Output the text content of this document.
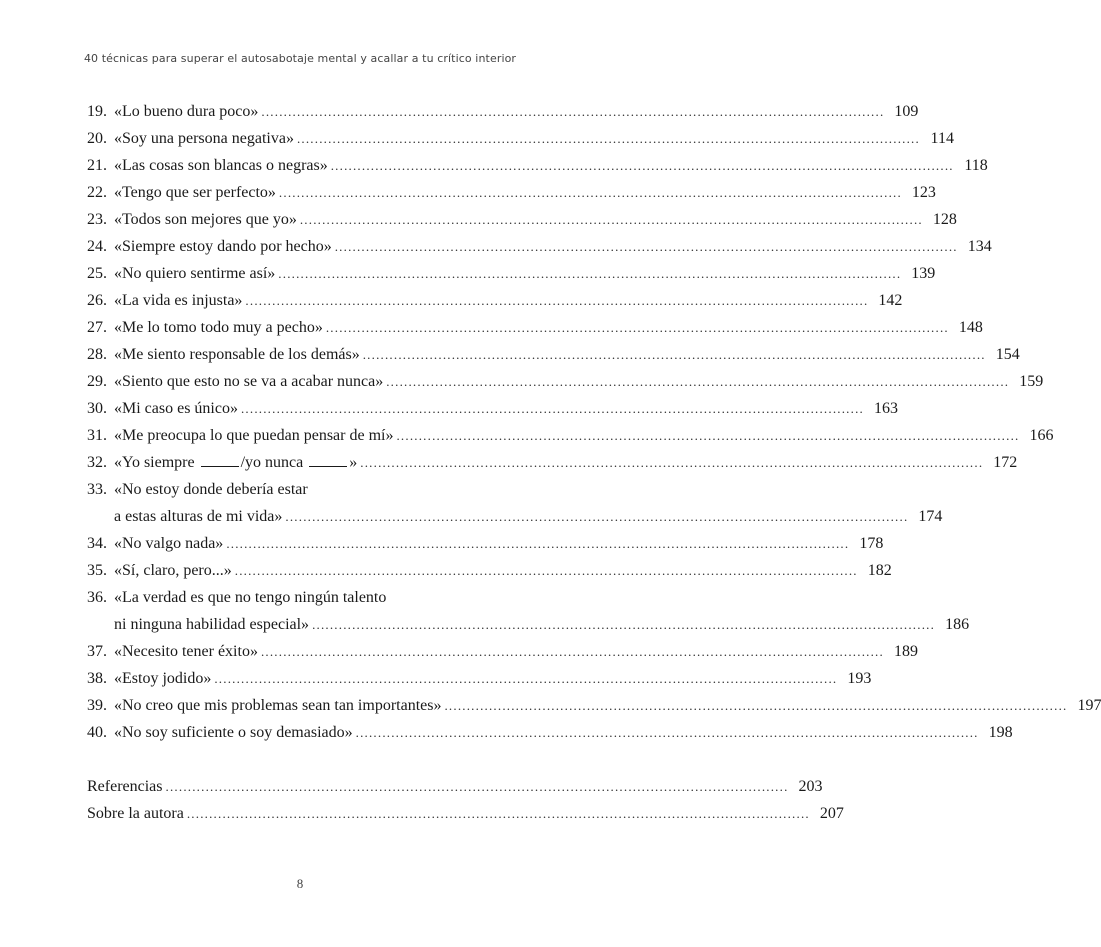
40 técnicas para superar el autosabotaje mental y acallar a tu crítico interior
19. «Lo bueno dura poco» ............................................................................................................................................ 109
20. «Soy una persona negativa» ............................................................................................................................................ 114
21. «Las cosas son blancas o negras» ............................................................................................................................................ 118
22. «Tengo que ser perfecto» ............................................................................................................................................ 123
23. «Todos son mejores que yo» ............................................................................................................................................ 128
24. «Siempre estoy dando por hecho» ............................................................................................................................................ 134
25. «No quiero sentirme así» ............................................................................................................................................ 139
26. «La vida es injusta» ............................................................................................................................................ 142
27. «Me lo tomo todo muy a pecho» ............................................................................................................................................ 148
28. «Me siento responsable de los demás» ............................................................................................................................................ 154
29. «Siento que esto no se va a acabar nunca» ............................................................................................................................................ 159
30. «Mi caso es único» ............................................................................................................................................ 163
31. «Me preocupa lo que puedan pensar de mí» ............................................................................................................................................ 166
32. «Yo siempre	/yo nunca	» ............................................................................................................................................ 172
33. «No estoy donde debería estar
a estas alturas de mi vida» ............................................................................................................................................ 174
34. «No valgo nada» ............................................................................................................................................ 178
35. «Sí, claro, pero...» ............................................................................................................................................ 182
36. «La verdad es que no tengo ningún talento
ni ninguna habilidad especial» ............................................................................................................................................ 186
37. «Necesito tener éxito» ............................................................................................................................................ 189
38. «Estoy jodido» ............................................................................................................................................ 193
39. «No creo que mis problemas sean tan importantes» ............................................................................................................................................ 197
40. «No soy suficiente o soy demasiado» ............................................................................................................................................ 198
Referencias ............................................................................................................................................ 203
Sobre la autora ............................................................................................................................................ 207
8
